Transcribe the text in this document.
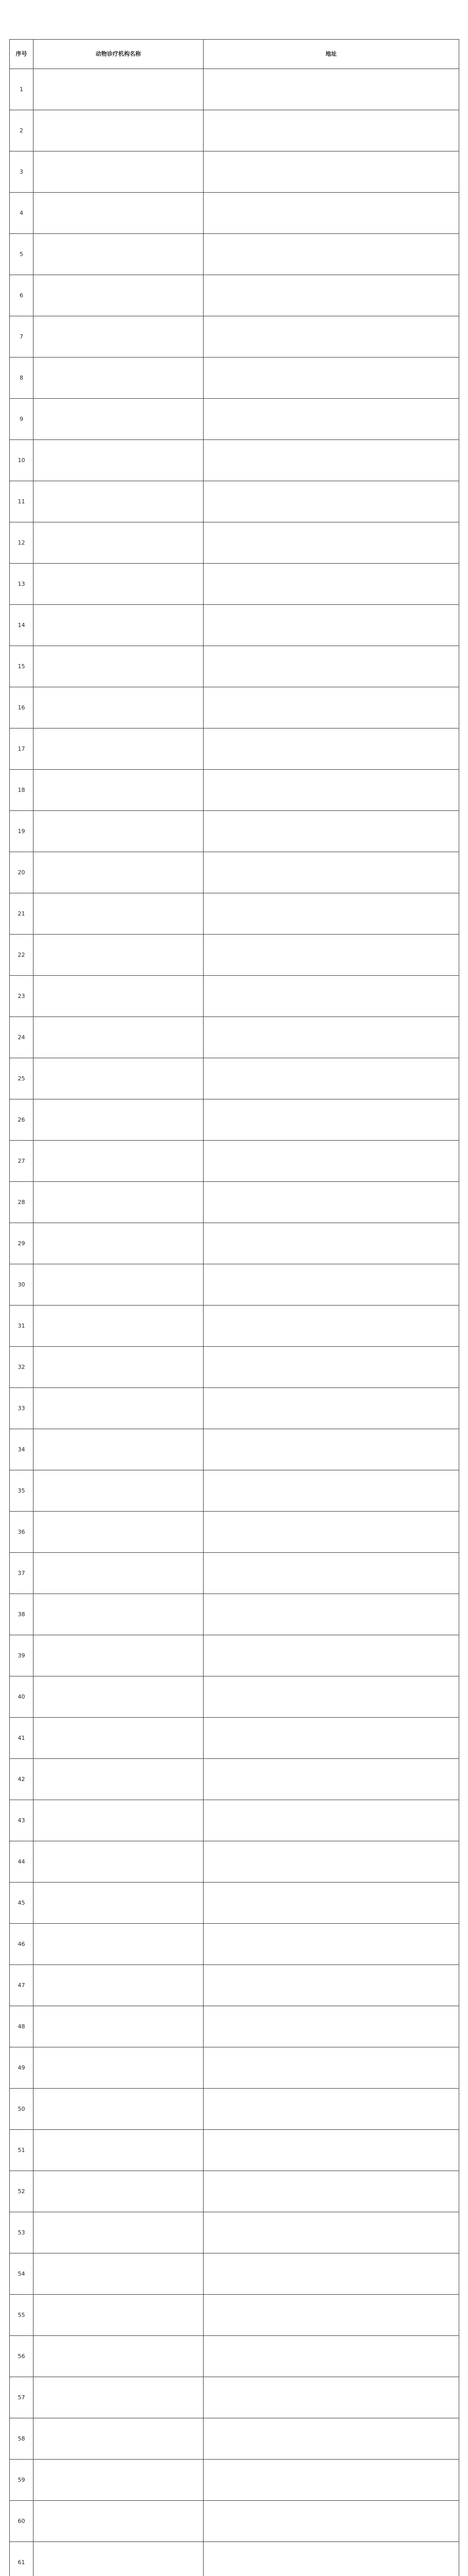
序号	动物诊疗机构名称	地址
1		
2		
3		
4		
5		
6		
7		
8		
9		
10		
11		
12		
13		
14		
15		
16		
17		
18		
19		
20		
21		
22		
23		
24		
25		
26		
27		
28		
29		
30		
31		
32		
33		
34		
35		
36		
37		
38		
39		
40		
41		
42		
43		
44		
45		
46		
47		
48		
49		
50		
51		
52		
53		
54		
55		
56		
57		
58		
59		
60		
61		
